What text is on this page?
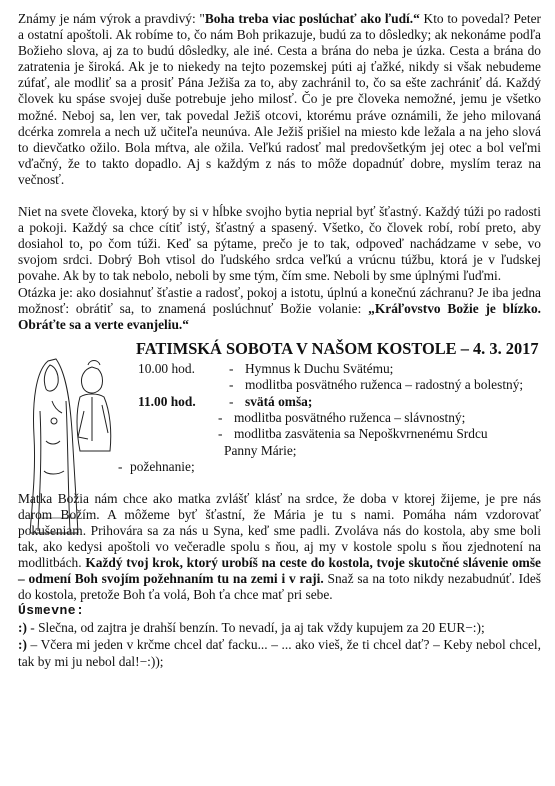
Známy je nám výrok a pravdivý: "Boha treba viac poslúchať ako ľudí.“ Kto to povedal? Peter a ostatní apoštoli. Ak robíme to, čo nám Boh prikazuje, budú za to dôsledky; ak nekonáme podľa Božieho slova, aj za to budú dôsledky, ale iné. Cesta a brána do neba je úzka. Cesta a brána do zatratenia je široká. Ak je to niekedy na tejto pozemskej púti aj ťažké, nikdy si však nebudeme zúfať, ale modliť sa a prosiť Pána Ježiša za to, aby zachránil to, čo sa ešte zachrániť dá. Každý človek ku spáse svojej duše potrebuje jeho milosť. Čo je pre človeka nemožné, jemu je všetko možné. Neboj sa, len ver, tak povedal Ježiš otcovi, ktorému práve oznámili, že jeho milovaná dcérka zomrela a nech už učiteľa neunúva. Ale Ježiš prišiel na miesto kde ležala a na jeho slová to dievčatko ožilo. Bola mŕtva, ale ožila. Veľkú radosť mal predovšetkým jej otec a bol veľmi vďačný, že to takto dopadlo. Aj s každým z nás to môže dopadnúť dobre, myslím teraz na večnosť.

Niet na svete človeka, ktorý by si v hĺbke svojho bytia neprial byť šťastný. Každý túži po radosti a pokoji. Každý sa chce cítiť istý, šťastný a spasený. Všetko, čo človek robí, robí preto, aby dosiahol to, po čom túži. Keď sa pýtame, prečo je to tak, odpoveď nachádzame v sebe, vo svojom srdci. Dobrý Boh vtisol do ľudského srdca veľkú a vrúcnu túžbu, ktorá je v ľudskej povahe. Ak by to tak nebolo, neboli by sme tým, čím sme. Neboli by sme úplnými ľuďmi.

Otázka je: ako dosiahnuť šťastie a radosť, pokoj a istotu, úplnú a konečnú záchranu? Je iba jedna možnosť: obrátiť sa, to znamená poslúchnuť Božie volanie: „Kráľovstvo Božie je blízko. Obráťte sa a verte evanjeliu.“

FATIMSKÁ SOBOTA V NAŠOM KOSTOLE – 4. 3. 2017
10.00 hod.	- Hymnus k Duchu Svätému;
- modlitba posvätného ruženca – radostný a bolestný;
11.00 hod. - svätá omša;
- modlitba posvätného ruženca – slávnostný;
- modlitba zasvätenia sa Nepoškvrnenému Srdcu
Panny Márie;
- požehnanie;

Matka Božia nám chce ako matka zvlášť klásť na srdce, že doba v ktorej žijeme, je pre nás darom Božím. A môžeme byť šťastní, že Mária je tu s nami. Pomáha nám vzdorovať pokušeniam. Prihovára sa za nás u Syna, keď sme padli. Zvoláva nás do kostola, aby sme boli tak, ako kedysi apoštoli vo večeradle spolu s ňou, aj my v kostole spolu s ňou zjednotení na modlitbách. Každý tvoj krok, ktorý urobíš na ceste do kostola, tvoje skutočné slávenie omše – odmení Boh svojím požehnaním tu na zemi i v raji. Snaž sa na toto nikdy nezabudnúť. Ideš do kostola, pretože Boh ťa volá, Boh ťa chce mať pri sebe.

Úsmevne:

:) - Slečna, od zajtra je drahší benzín. To nevadí, ja aj tak vždy kupujem za 20 EUR−:);

:) – Včera mi jeden v krčme chcel dať facku... – ... ako vieš, že ti chcel dať? – Keby nebol chcel, tak by mi ju nebol dal!−:));
